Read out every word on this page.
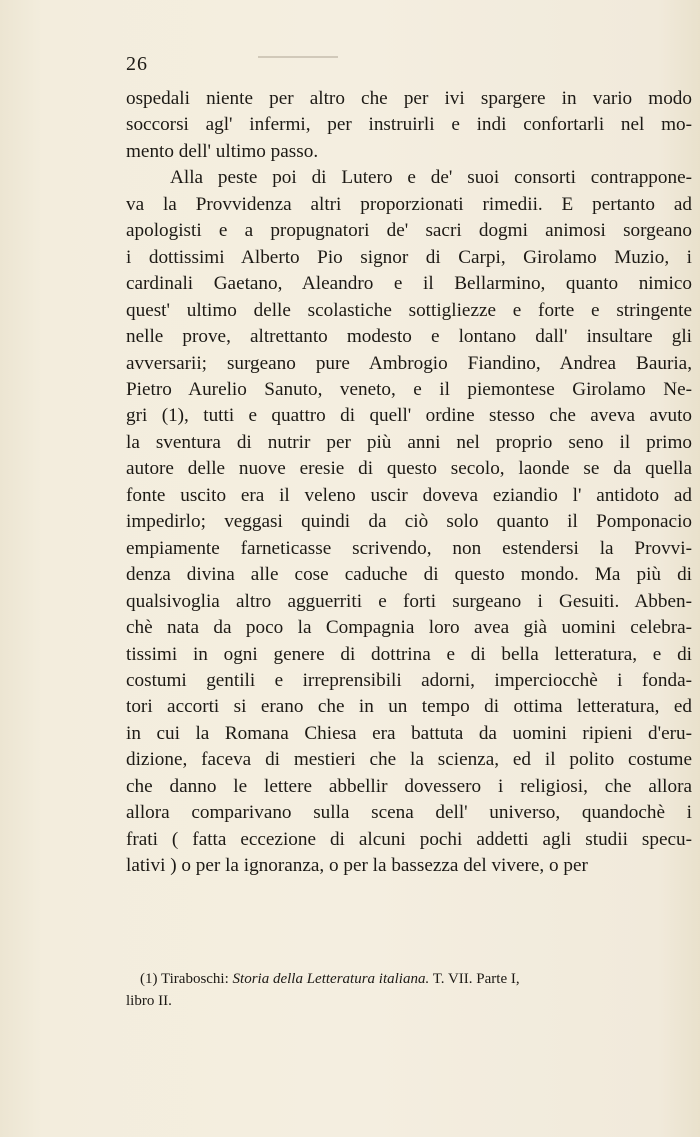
26
ospedali niente per altro che per ivi spargere in vario modo
soccorsi agl' infermi, per instruirli e indi confortarli nel mo-
mento dell' ultimo passo.
Alla peste poi di Lutero e de' suoi consorti contrappone-
va la Provvidenza altri proporzionati rimedii. E pertanto ad
apologisti e a propugnatori de' sacri dogmi animosi sorgeano
i dottissimi Alberto Pio signor di Carpi, Girolamo Muzio, i
cardinali Gaetano, Aleandro e il Bellarmino, quanto nimico
quest' ultimo delle scolastiche sottigliezze e forte e stringente
nelle prove, altrettanto modesto e lontano dall' insultare gli
avversarii; surgeano pure Ambrogio Fiandino, Andrea Bauria,
Pietro Aurelio Sanuto, veneto, e il piemontese Girolamo Ne-
gri (1), tutti e quattro di quell' ordine stesso che aveva avuto
la sventura di nutrir per più anni nel proprio seno il primo
autore delle nuove eresie di questo secolo, laonde se da quella
fonte uscito era il veleno uscir doveva eziandio l' antidoto ad
impedirlo; veggasi quindi da ciò solo quanto il Pomponacio
empiamente farneticasse scrivendo, non estendersi la Provvi-
denza divina alle cose caduche di questo mondo. Ma più di
qualsivoglia altro agguerriti e forti surgeano i Gesuiti. Abben-
chè nata da poco la Compagnia loro avea già uomini celebra-
tissimi in ogni genere di dottrina e di bella letteratura, e di
costumi gentili e irreprensibili adorni, imperciocchè i fonda-
tori accorti si erano che in un tempo di ottima letteratura, ed
in cui la Romana Chiesa era battuta da uomini ripieni d'eru-
dizione, faceva di mestieri che la scienza, ed il polito costume
che danno le lettere abbellir dovessero i religiosi, che allora
allora comparivano sulla scena dell' universo, quandochè i
frati ( fatta eccezione di alcuni pochi addetti agli studii specu-
lativi ) o per la ignoranza, o per la bassezza del vivere, o per
(1) Tiraboschi: Storia della Letteratura italiana. T. VII. Parte I,
libro II.
